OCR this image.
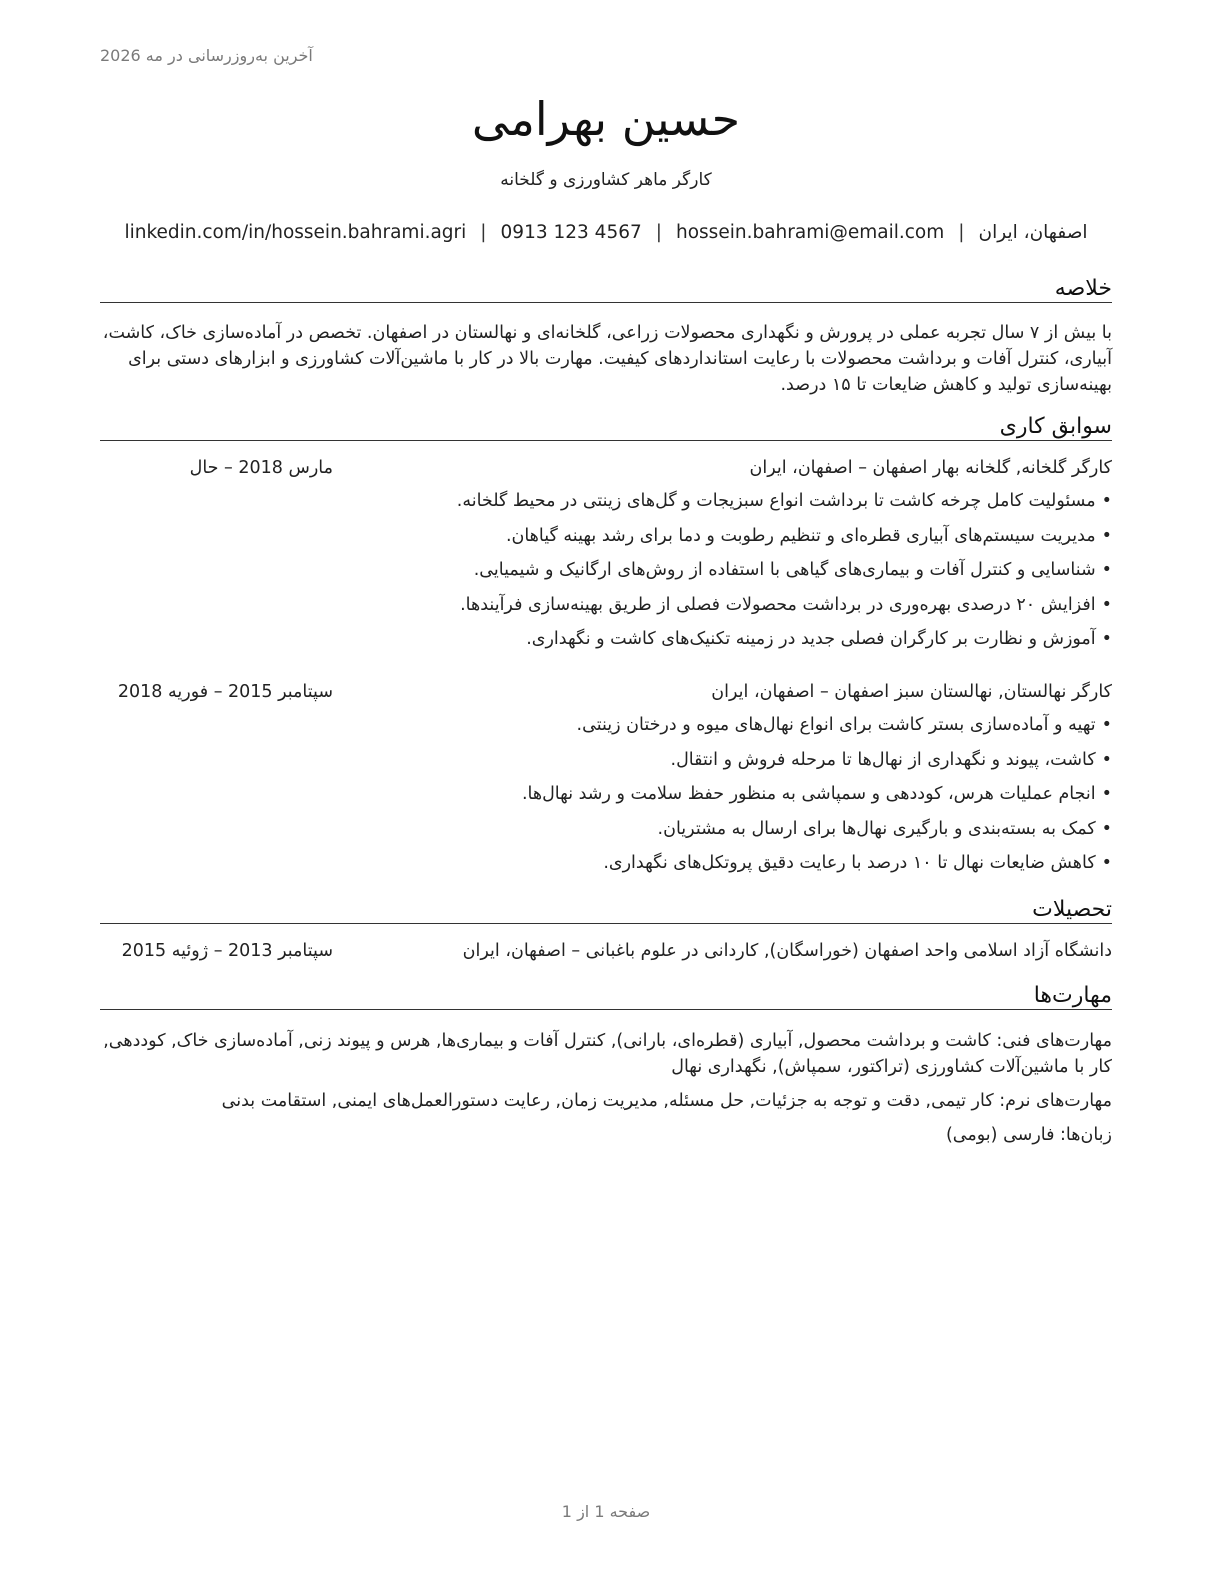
آخرین به‌روزرسانی در مه 2026
حسین بهرامی
کارگر ماهر کشاورزی و گلخانه
اصفهان، ایران
|
hossein.bahrami@email.com
|
0913 123 4567
|
linkedin.com/in/hossein.bahrami.agri
خلاصه
با بیش از ۷ سال تجربه عملی در پرورش و نگهداری محصولات زراعی، گلخانه‌ای و نهالستان در اصفهان. تخصص در آماده‌سازی خاک، کاشت، آبیاری، کنترل آفات و برداشت محصولات با رعایت استانداردهای کیفیت. مهارت بالا در کار با ماشین‌آلات کشاورزی و ابزارهای دستی برای بهینه‌سازی تولید و کاهش ضایعات تا ۱۵ درصد.
سوابق کاری
کارگر گلخانه, گلخانه بهار اصفهان – اصفهان، ایران
مارس 2018 – حال
• مسئولیت کامل چرخه کاشت تا برداشت انواع سبزیجات و گل‌های زینتی در محیط گلخانه.
• مدیریت سیستم‌های آبیاری قطره‌ای و تنظیم رطوبت و دما برای رشد بهینه گیاهان.
• شناسایی و کنترل آفات و بیماری‌های گیاهی با استفاده از روش‌های ارگانیک و شیمیایی.
• افزایش ۲۰ درصدی بهره‌وری در برداشت محصولات فصلی از طریق بهینه‌سازی فرآیندها.
• آموزش و نظارت بر کارگران فصلی جدید در زمینه تکنیک‌های کاشت و نگهداری.
کارگر نهالستان, نهالستان سبز اصفهان – اصفهان، ایران
سپتامبر 2015 – فوریه 2018
• تهیه و آماده‌سازی بستر کاشت برای انواع نهال‌های میوه و درختان زینتی.
• کاشت، پیوند و نگهداری از نهال‌ها تا مرحله فروش و انتقال.
• انجام عملیات هرس، کوددهی و سمپاشی به منظور حفظ سلامت و رشد نهال‌ها.
• کمک به بسته‌بندی و بارگیری نهال‌ها برای ارسال به مشتریان.
• کاهش ضایعات نهال تا ۱۰ درصد با رعایت دقیق پروتکل‌های نگهداری.
تحصیلات
دانشگاه آزاد اسلامی واحد اصفهان (خوراسگان), کاردانی در علوم باغبانی – اصفهان، ایران
سپتامبر 2013 – ژوئیه 2015
مهارت‌ها
مهارت‌های فنی: کاشت و برداشت محصول, آبیاری (قطره‌ای، بارانی), کنترل آفات و بیماری‌ها, هرس و پیوند زنی, آماده‌سازی خاک, کوددهی, کار با ماشین‌آلات کشاورزی (تراکتور، سمپاش), نگهداری نهال
مهارت‌های نرم: کار تیمی, دقت و توجه به جزئیات, حل مسئله, مدیریت زمان, رعایت دستورالعمل‌های ایمنی, استقامت بدنی
زبان‌ها: فارسی (بومی)
صفحه 1 از 1
